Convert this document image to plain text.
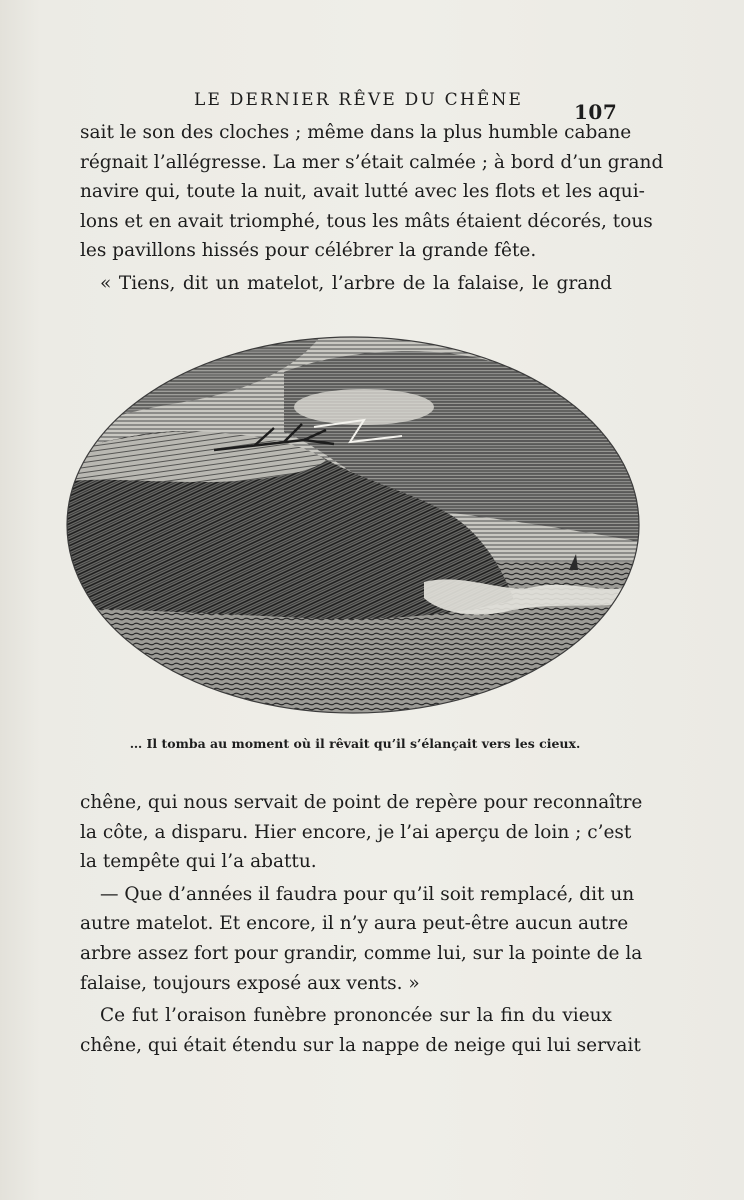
LE DERNIER RÊVE DU CHÊNE	107
sait le son des cloches ; même dans la plus humble cabane
régnait l’allégresse. La mer s’était calmée ; à bord d’un grand
navire qui, toute la nuit, avait lutté avec les flots et les aqui-
lons et en avait triomphé, tous les mâts étaient décorés, tous
les pavillons hissés pour célébrer la grande fête.
« Tiens, dit un matelot, l’arbre de la falaise, le grand
… Il tomba au moment où il rêvait qu’il s’élançait vers les cieux.
chêne, qui nous servait de point de repère pour reconnaître
la côte, a disparu. Hier encore, je l’ai aperçu de loin ; c’est
la tempête qui l’a abattu.
— Que d’années il faudra pour qu’il soit remplacé, dit un
autre matelot. Et encore, il n’y aura peut-être aucun autre
arbre assez fort pour grandir, comme lui, sur la pointe de la
falaise, toujours exposé aux vents. »
Ce fut l’oraison funèbre prononcée sur la fin du vieux
chêne, qui était étendu sur la nappe de neige qui lui servait
